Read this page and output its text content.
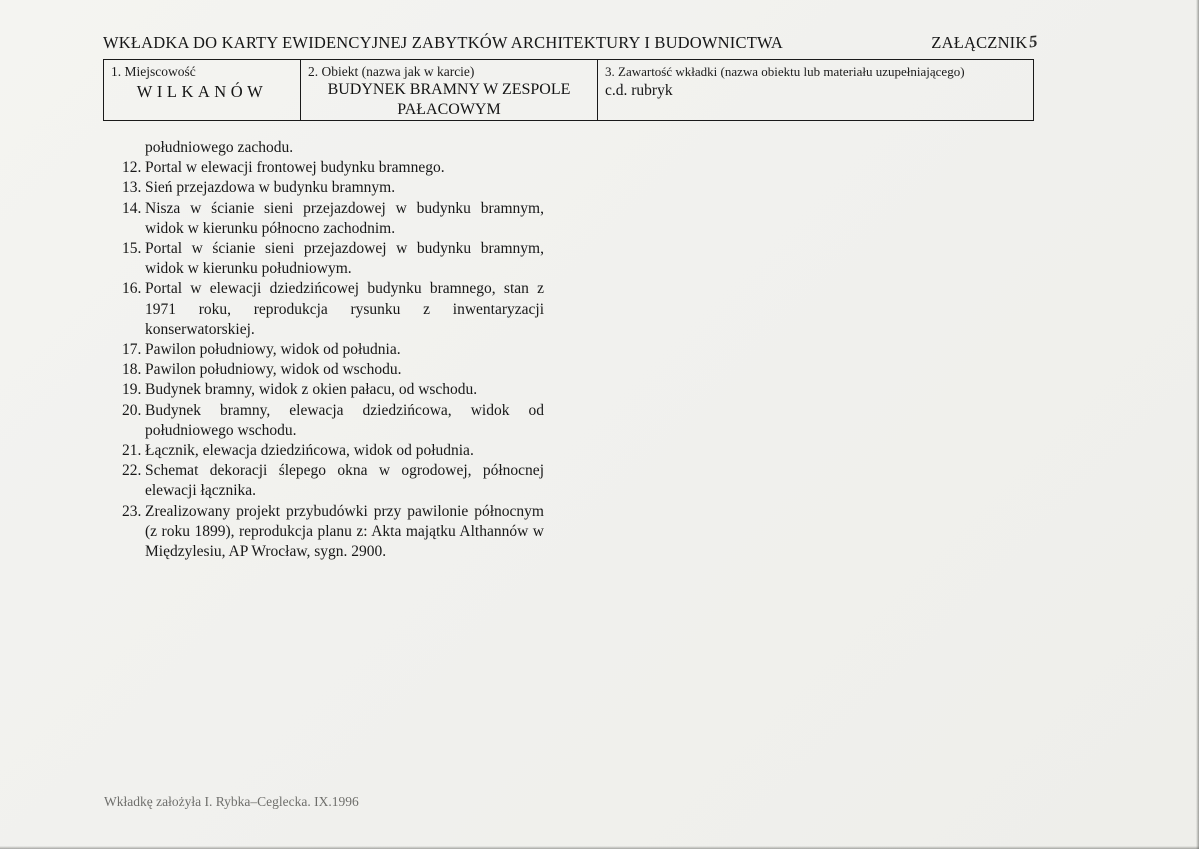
WKŁADKA DO KARTY EWIDENCYJNEJ ZABYTKÓW ARCHITEKTURY I BUDOWNICTWA	ZAŁĄCZNIK 5
1. Miejscowość
WILKANÓW
2. Obiekt (nazwa jak w karcie)
BUDYNEK BRAMNY W ZESPOLE
PAŁACOWYM
3. Zawartość wkładki (nazwa obiektu lub materiału uzupełniającego)
c.d. rubryk
południowego zachodu.
12. Portal w elewacji frontowej budynku bramnego.
13. Sień przejazdowa w budynku bramnym.
14. Nisza w ścianie sieni przejazdowej w budynku bramnym, widok w kierunku północno zachodnim.
15. Portal w ścianie sieni przejazdowej w budynku bramnym, widok w kierunku południowym.
16. Portal w elewacji dziedzińcowej budynku bramnego, stan z 1971 roku, reprodukcja rysunku z inwentaryzacji konserwatorskiej.
17. Pawilon południowy, widok od południa.
18. Pawilon południowy, widok od wschodu.
19. Budynek bramny, widok z okien pałacu, od wschodu.
20. Budynek bramny, elewacja dziedzińcowa, widok od południowego wschodu.
21. Łącznik, elewacja dziedzińcowa, widok od południa.
22. Schemat dekoracji ślepego okna w ogrodowej, północnej elewacji łącznika.
23. Zrealizowany projekt przybudówki przy pawilonie północnym (z roku 1899), reprodukcja planu z: Akta majątku Althannów w Międzylesiu, AP Wrocław, sygn. 2900.
Wkładkę założyła I. Rybka–Ceglecka. IX.1996
